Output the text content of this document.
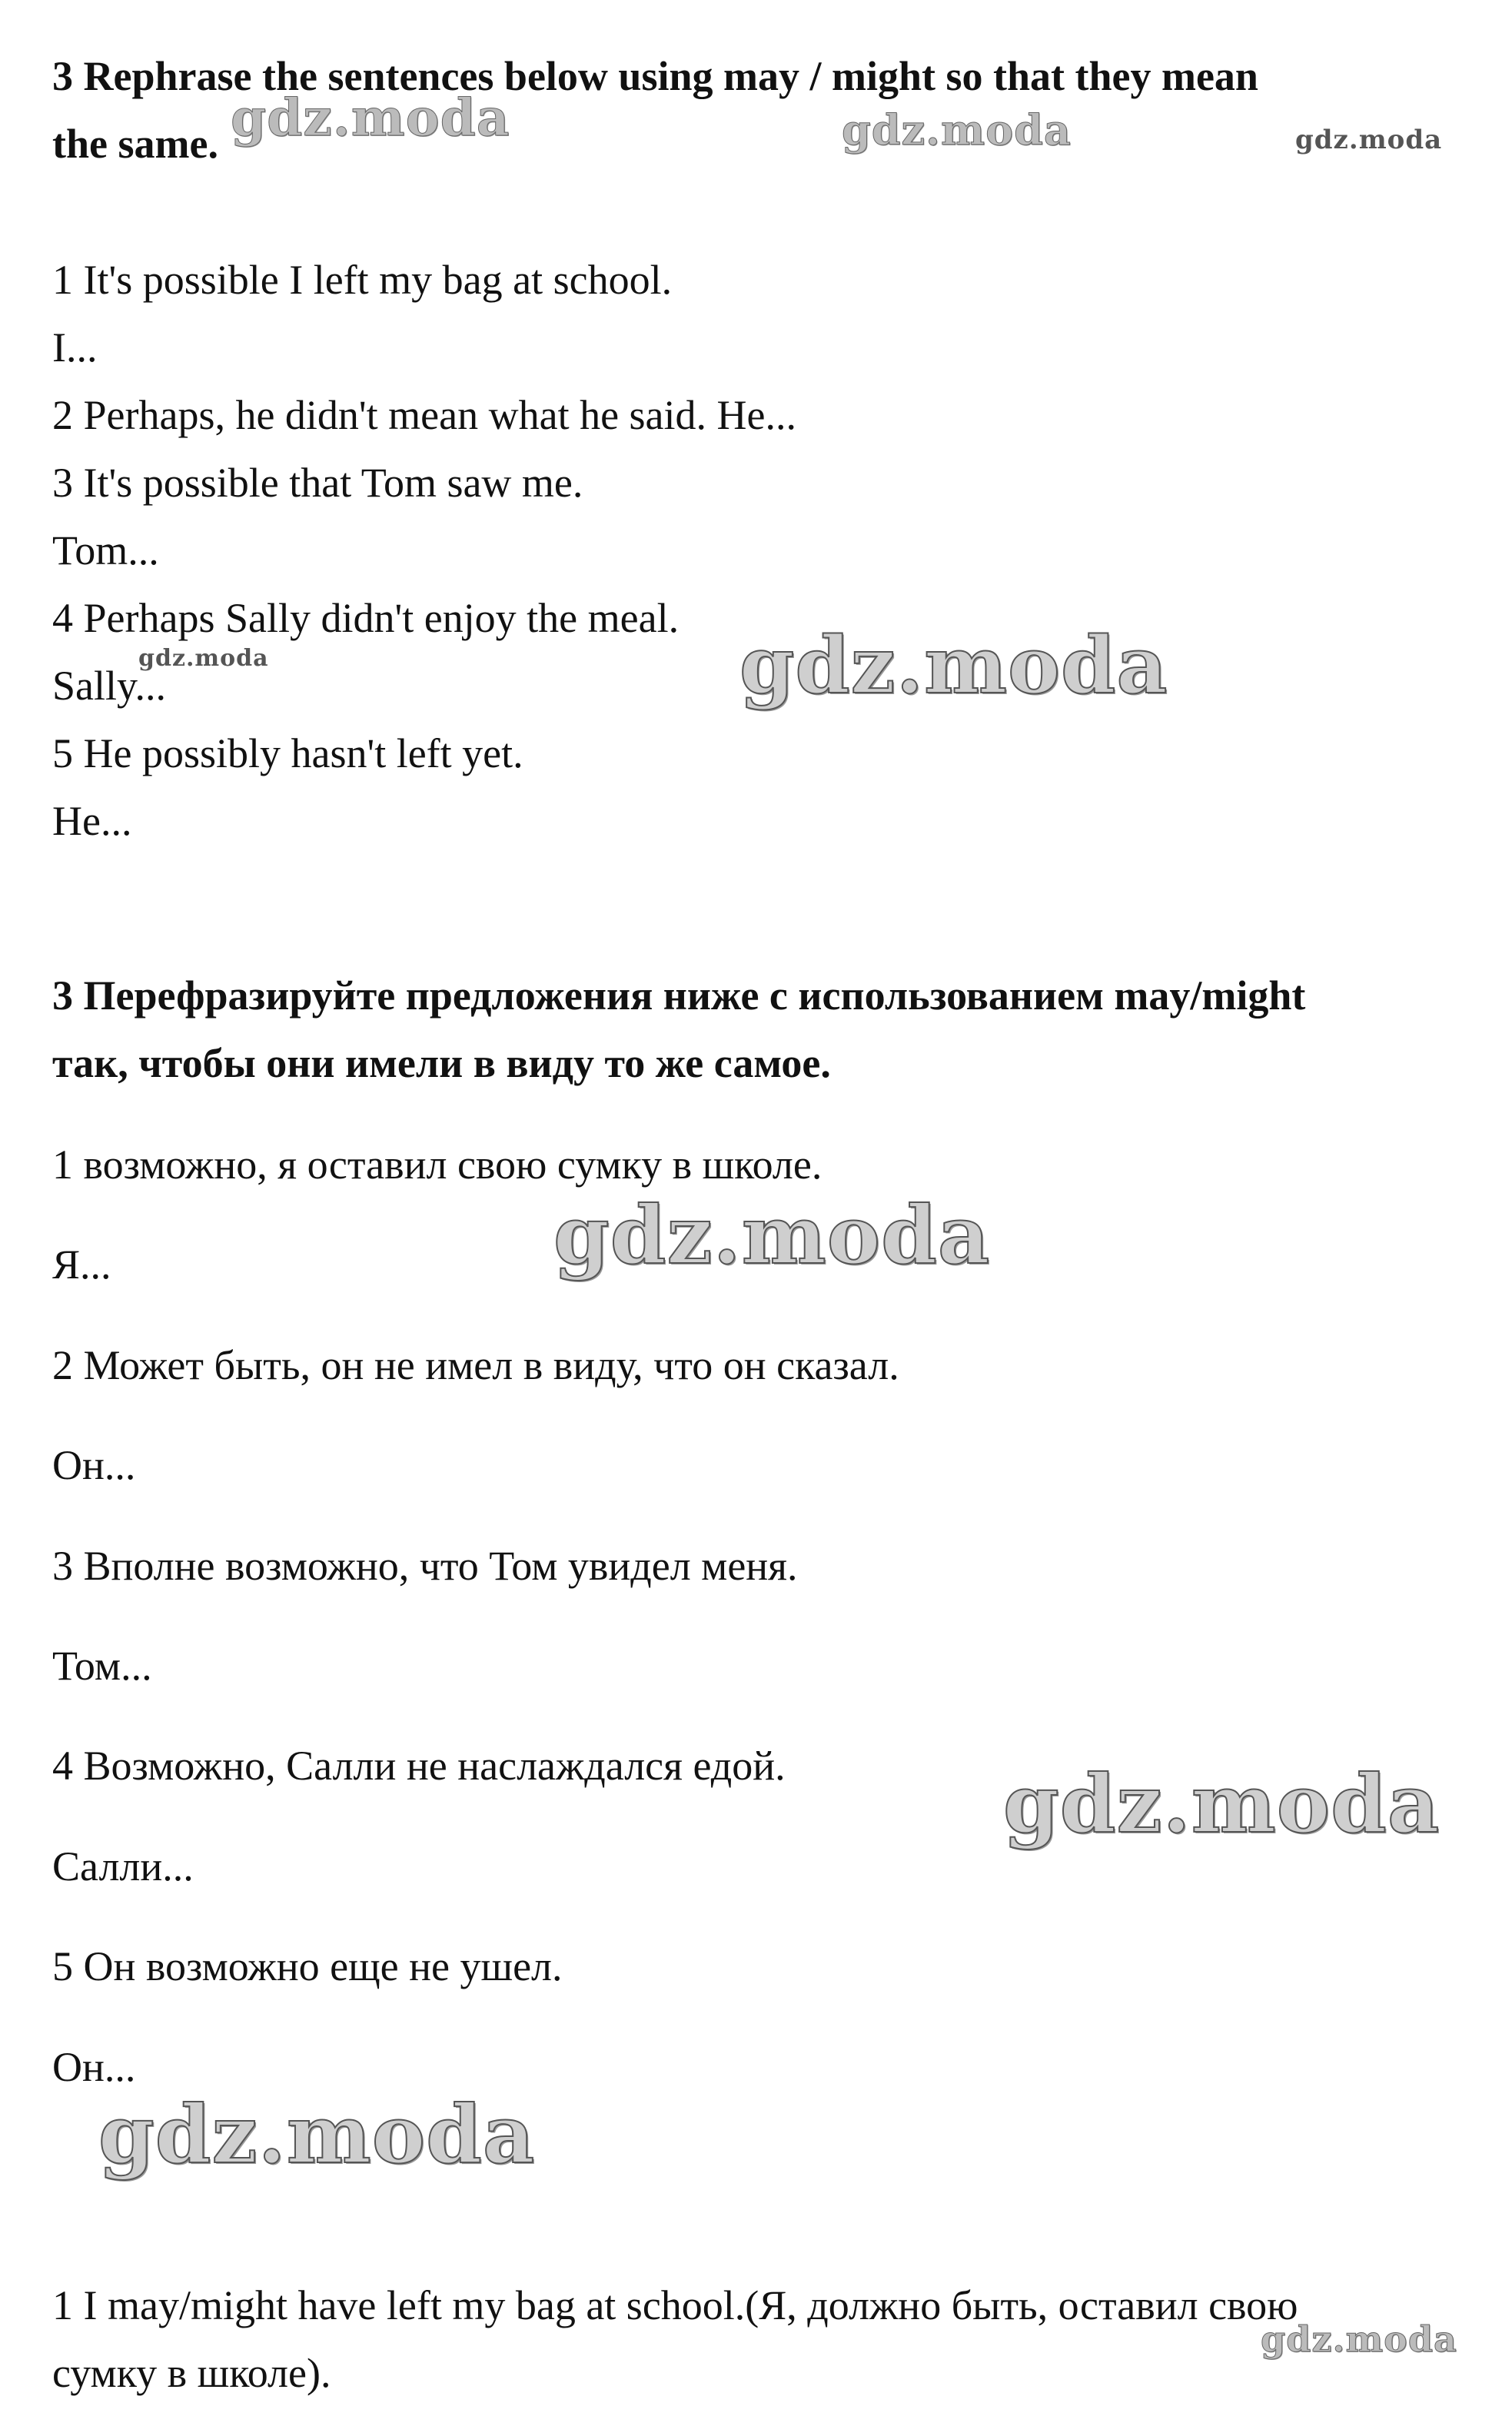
3 Rephrase the sentences below using may / might so that they mean
the same.
1 It's possible I left my bag at school.
I...
2 Perhaps, he didn't mean what he said. He...
3 It's possible that Tom saw me.
Tom...
4 Perhaps Sally didn't enjoy the meal.
Sally...
5 He possibly hasn't left yet.
He...
3 Перефразируйте предложения ниже с использованием may/might
так, чтобы они имели в виду то же самое.
1 возможно, я оставил свою сумку в школе.
Я...
2 Может быть, он не имел в виду, что он сказал.
Он...
3 Вполне возможно, что Том увидел меня.
Том...
4 Возможно, Салли не наслаждался едой.
Салли...
5 Он возможно еще не ушел.
Он...
1 I may/might have left my bag at school.(Я, должно быть, оставил свою
сумку в школе).
gdz.moda	gdz.moda	gdz.moda
gdz.moda	gdz.moda
gdz.moda
gdz.moda
gdz.moda
gdz.moda
